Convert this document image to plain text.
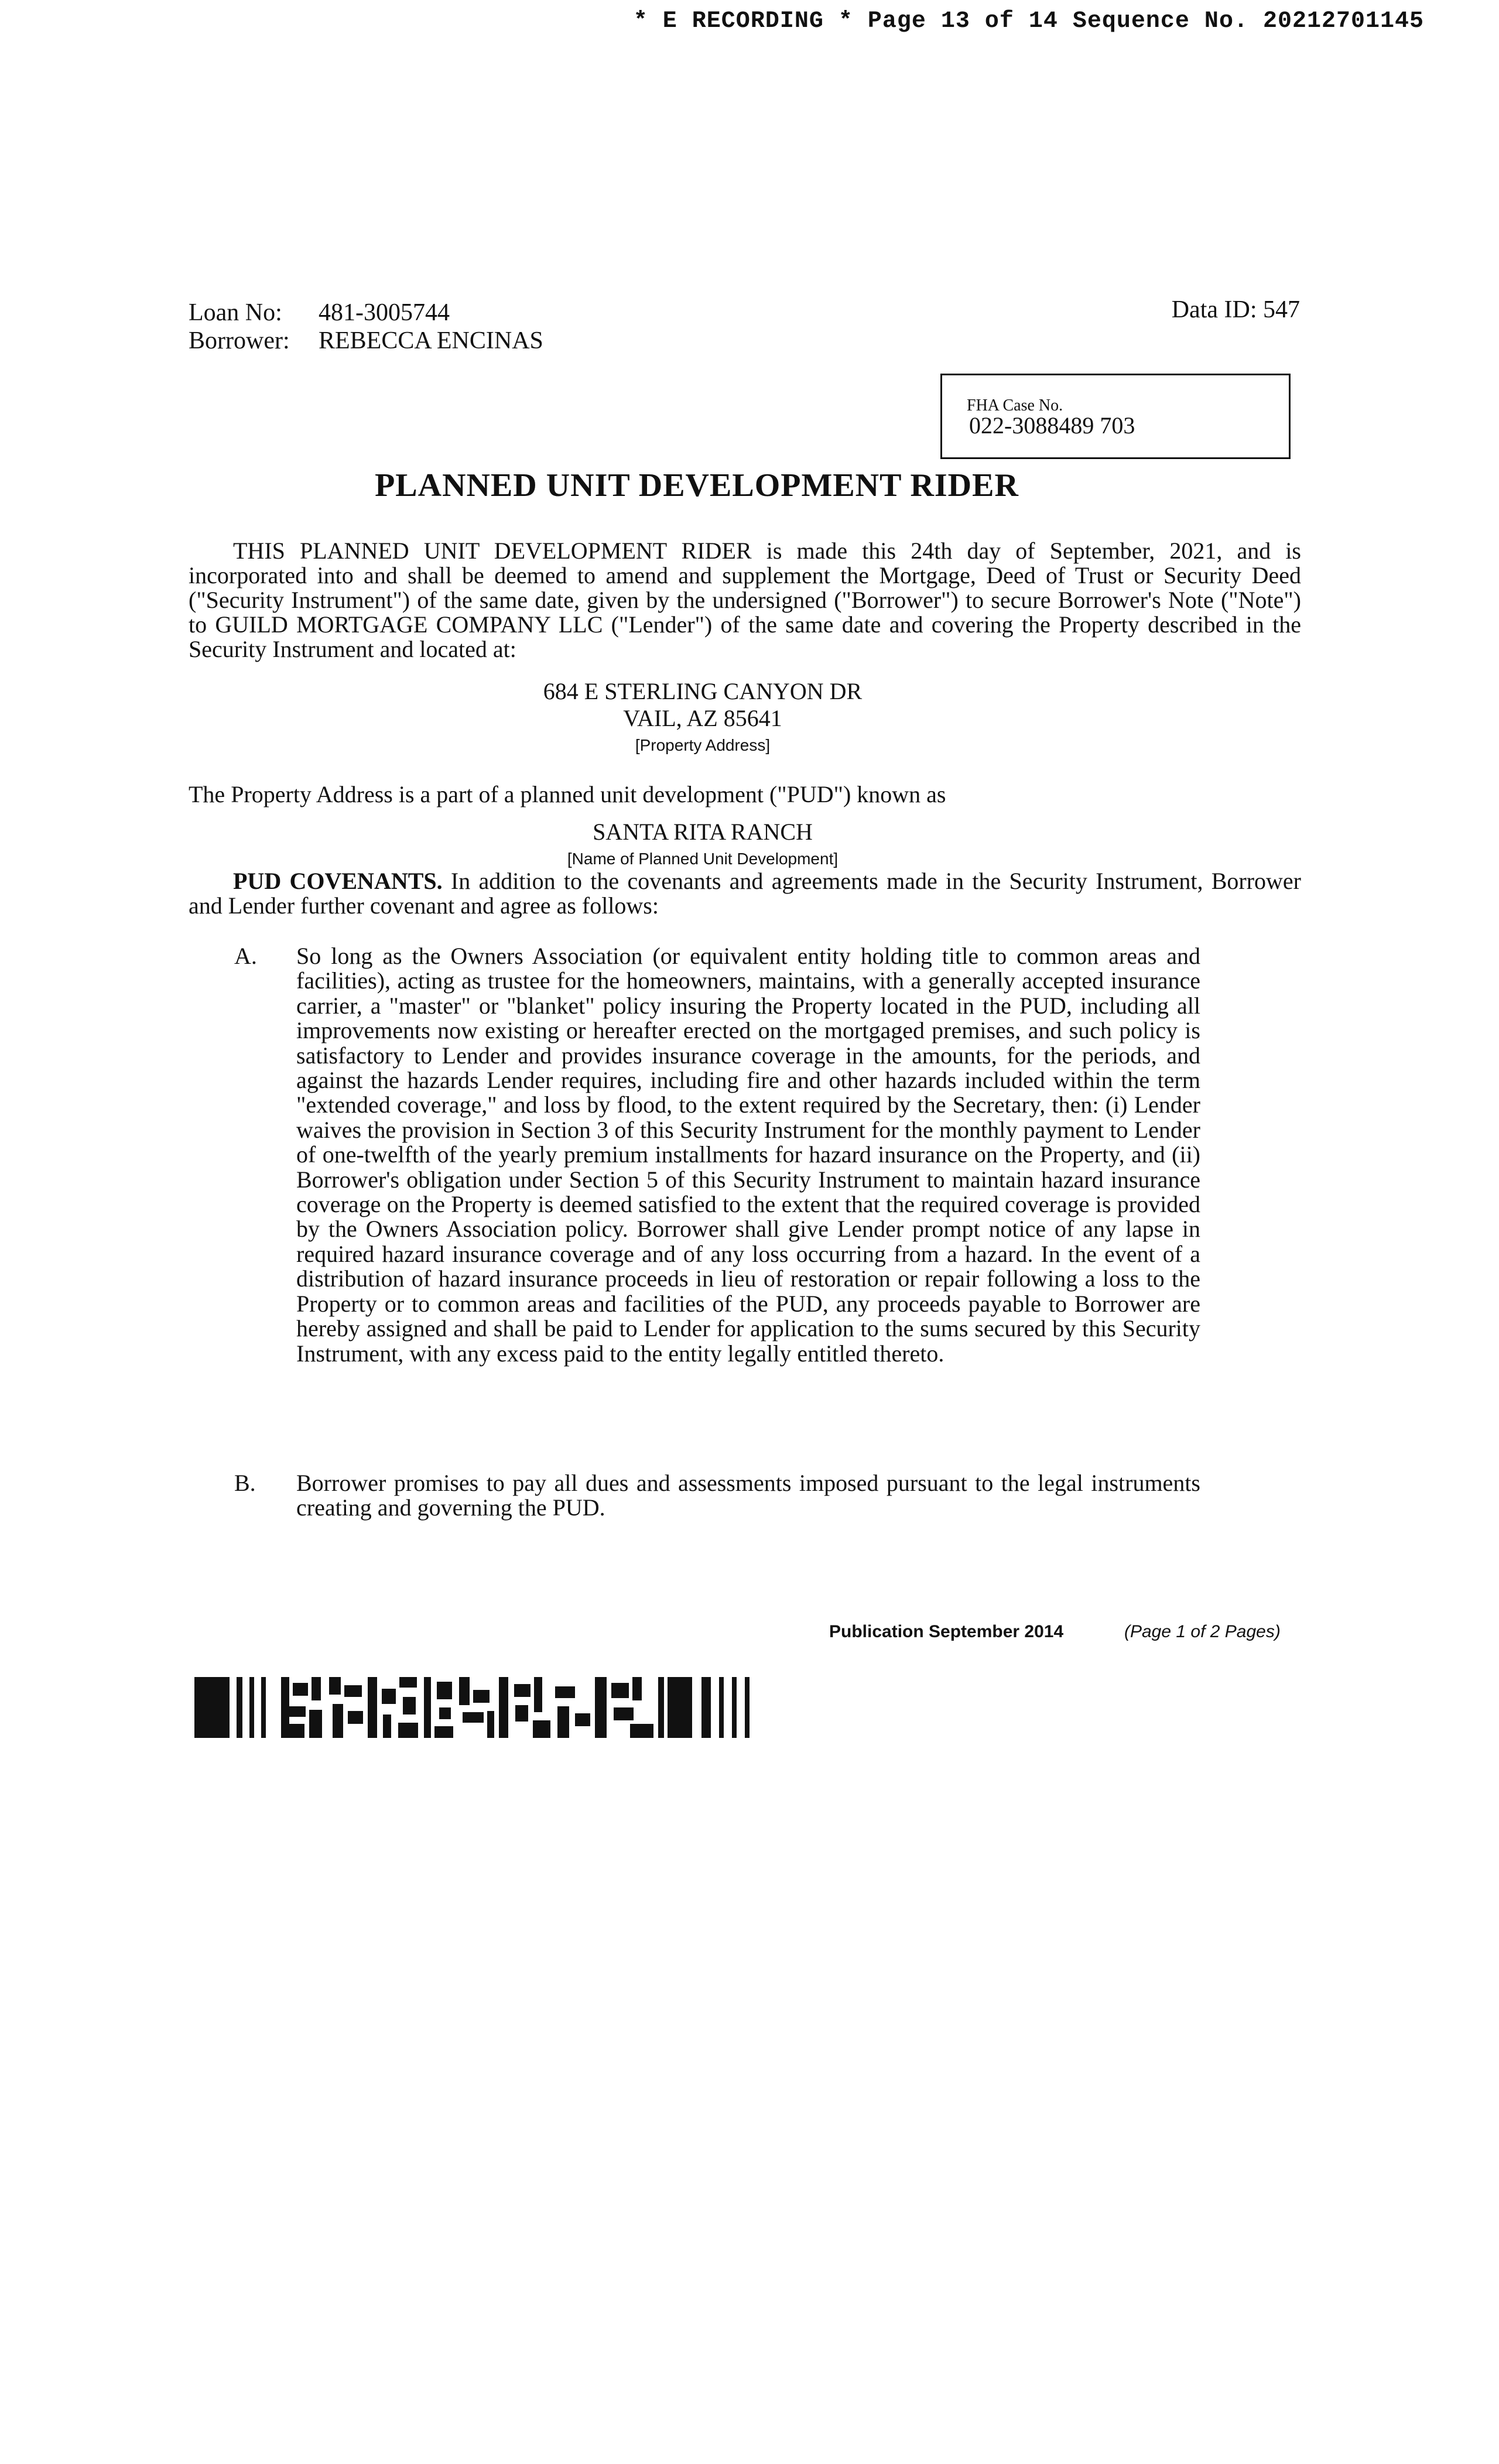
* E RECORDING * Page 13 of 14 Sequence No. 20212701145
Loan No: 481-3005744
Borrower: REBECCA ENCINAS
Data ID: 547
FHA Case No.
022-3088489 703
PLANNED UNIT DEVELOPMENT RIDER

THIS PLANNED UNIT DEVELOPMENT RIDER is made this 24th day of September, 2021, and is incorporated into and shall be deemed to amend and supplement the Mortgage, Deed of Trust or Security Deed ("Security Instrument") of the same date, given by the undersigned ("Borrower") to secure Borrower's Note ("Note") to GUILD MORTGAGE COMPANY LLC ("Lender") of the same date and covering the Property described in the Security Instrument and located at:

684 E STERLING CANYON DR
VAIL, AZ 85641
[Property Address]
The Property Address is a part of a planned unit development ("PUD") known as
SANTA RITA RANCH
[Name of Planned Unit Development]

PUD COVENANTS. In addition to the covenants and agreements made in the Security Instrument, Borrower and Lender further covenant and agree as follows:

A. So long as the Owners Association (or equivalent entity holding title to common areas and facilities), acting as trustee for the homeowners, maintains, with a generally accepted insurance carrier, a "master" or "blanket" policy insuring the Property located in the PUD, including all improvements now existing or hereafter erected on the mortgaged premises, and such policy is satisfactory to Lender and provides insurance coverage in the amounts, for the periods, and against the hazards Lender requires, including fire and other hazards included within the term "extended coverage," and loss by flood, to the extent required by the Secretary, then: (i) Lender waives the provision in Section 3 of this Security Instrument for the monthly payment to Lender of one-twelfth of the yearly premium installments for hazard insurance on the Property, and (ii) Borrower's obligation under Section 5 of this Security Instrument to maintain hazard insurance coverage on the Property is deemed satisfied to the extent that the required coverage is provided by the Owners Association policy. Borrower shall give Lender prompt notice of any lapse in required hazard insurance coverage and of any loss occurring from a hazard. In the event of a distribution of hazard insurance proceeds in lieu of restoration or repair following a loss to the Property or to common areas and facilities of the PUD, any proceeds payable to Borrower are hereby assigned and shall be paid to Lender for application to the sums secured by this Security Instrument, with any excess paid to the entity legally entitled thereto.
B. Borrower promises to pay all dues and assessments imposed pursuant to the legal instruments creating and governing the PUD.
Publication September 2014	(Page 1 of 2 Pages)
